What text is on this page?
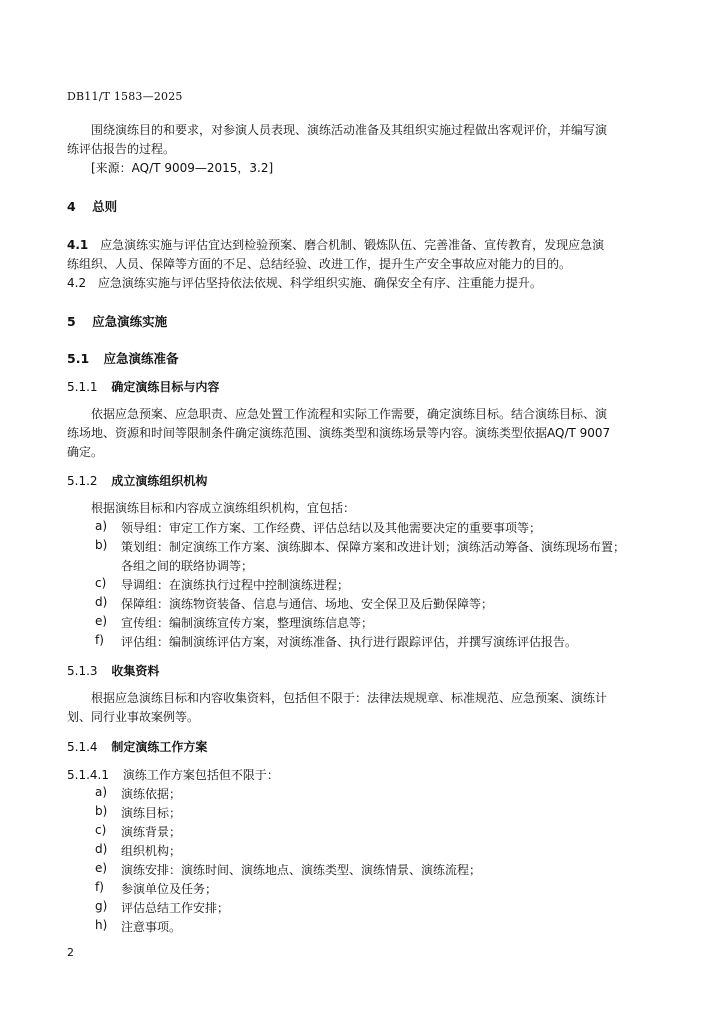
DB11/T 1583—2025
围绕演练目的和要求，对参演人员表现、演练活动准备及其组织实施过程做出客观评价，并编写演
练评估报告的过程。
[来源：AQ/T 9009—2015，3.2]
4 总则
4.1 应急演练实施与评估宜达到检验预案、磨合机制、锻炼队伍、完善准备、宣传教育，发现应急演
练组织、人员、保障等方面的不足、总结经验、改进工作，提升生产安全事故应对能力的目的。
4.2 应急演练实施与评估坚持依法依规、科学组织实施、确保安全有序、注重能力提升。
5 应急演练实施
5.1 应急演练准备
5.1.1 确定演练目标与内容
依据应急预案、应急职责、应急处置工作流程和实际工作需要，确定演练目标。结合演练目标、演
练场地、资源和时间等限制条件确定演练范围、演练类型和演练场景等内容。演练类型依据AQ/T 9007
确定。
5.1.2 成立演练组织机构
根据演练目标和内容成立演练组织机构，宜包括：
a) 领导组：审定工作方案、工作经费、评估总结以及其他需要决定的重要事项等；
b) 策划组：制定演练工作方案、演练脚本、保障方案和改进计划；演练活动筹备、演练现场布置；
各组之间的联络协调等；
c) 导调组：在演练执行过程中控制演练进程；
d) 保障组：演练物资装备、信息与通信、场地、安全保卫及后勤保障等；
e) 宣传组：编制演练宣传方案，整理演练信息等；
f) 评估组：编制演练评估方案，对演练准备、执行进行跟踪评估，并撰写演练评估报告。
5.1.3 收集资料
根据应急演练目标和内容收集资料，包括但不限于：法律法规规章、标准规范、应急预案、演练计
划、同行业事故案例等。
5.1.4 制定演练工作方案
5.1.4.1 演练工作方案包括但不限于：
a) 演练依据；
b) 演练目标；
c) 演练背景；
d) 组织机构；
e) 演练安排：演练时间、演练地点、演练类型、演练情景、演练流程；
f) 参演单位及任务；
g) 评估总结工作安排；
h) 注意事项。
2
